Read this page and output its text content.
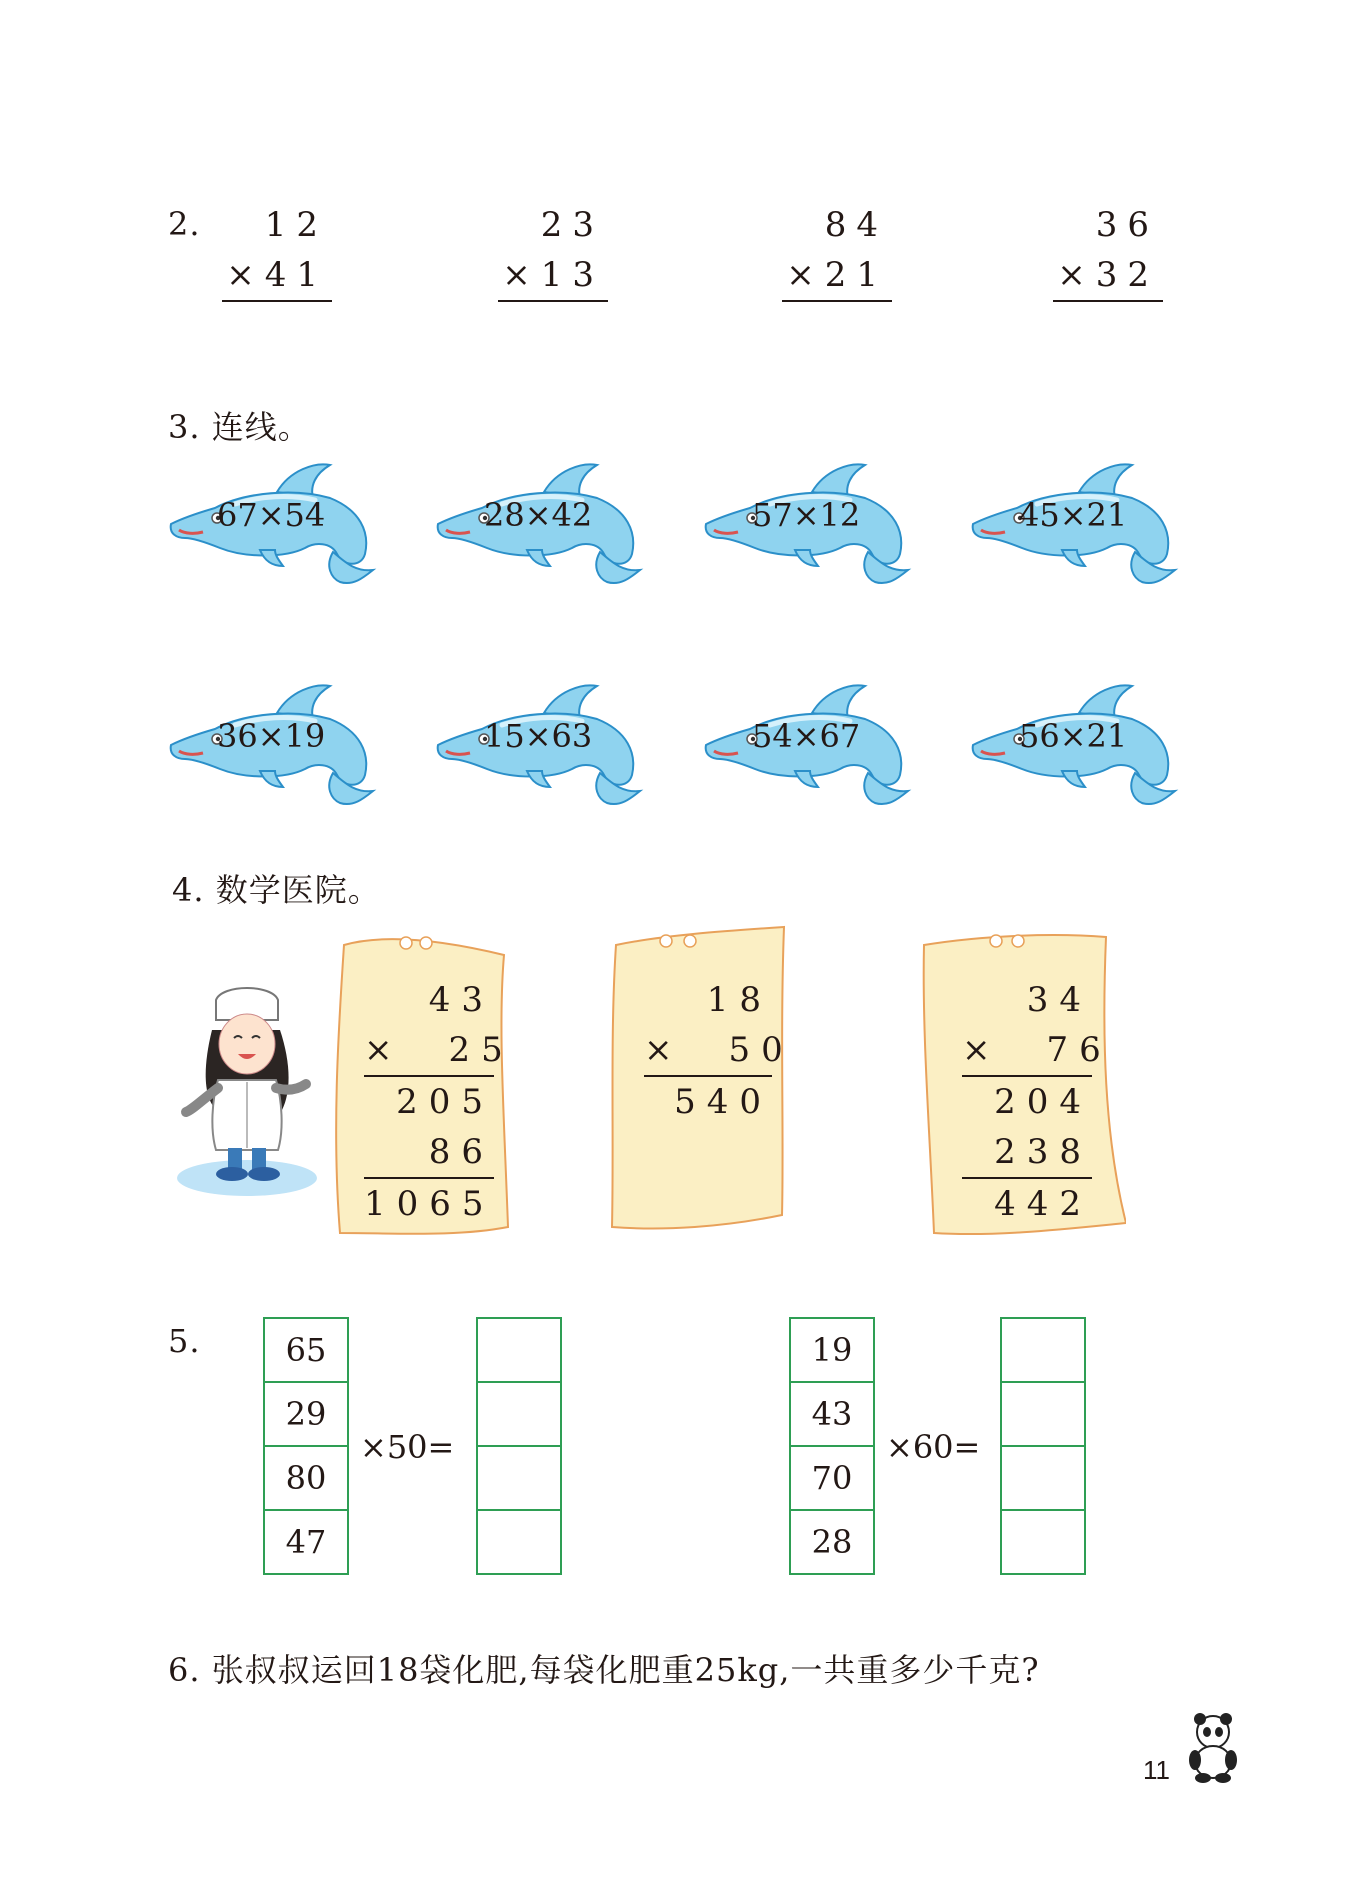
2.	12
×41
23
×13
84
×21
36
×32
3. 连线。
67×54	28×42	57×12	45×21
36×19	15×63	54×67	56×21
4. 数学医院。
43
×　25
205
86
1065
18
×　50
540
34
×　76
204
238
442
5.	65
29
80
47
×50=
19
43
70
28
×60=
6. 张叔叔运回18袋化肥,每袋化肥重25kg,一共重多少千克?
11
